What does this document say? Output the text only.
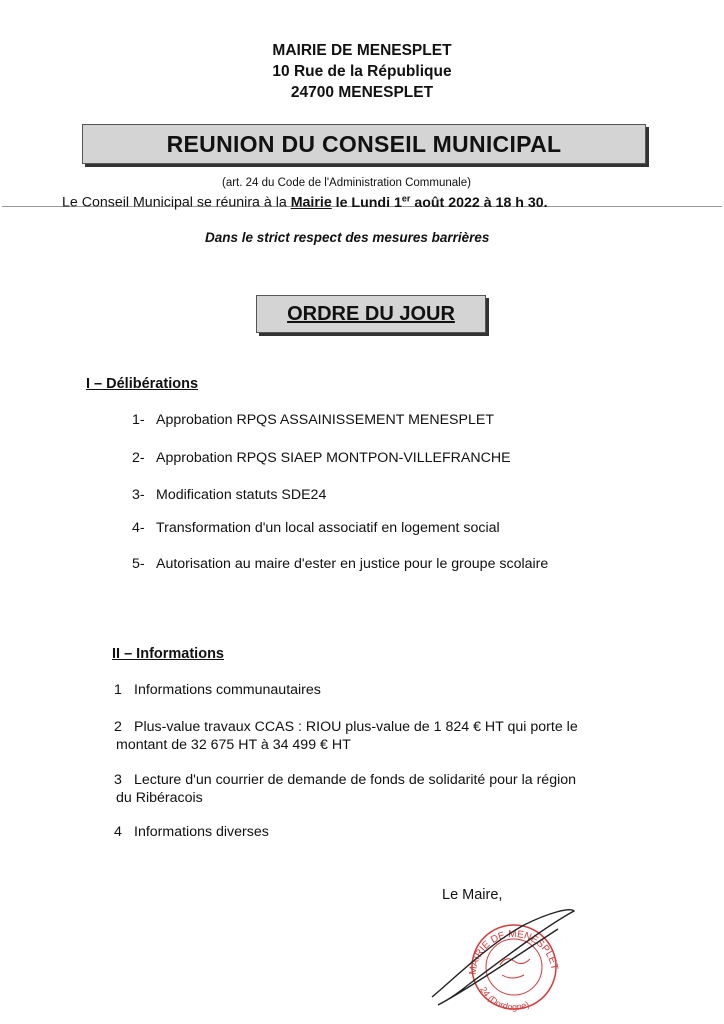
MAIRIE DE MENESPLET
10 Rue de la République
24700 MENESPLET
REUNION DU CONSEIL MUNICIPAL
(art. 24 du Code de l'Administration Communale)
Le Conseil Municipal se réunira à la Mairie le Lundi 1er août 2022 à 18 h 30.
Dans le strict respect des mesures barrières
ORDRE DU JOUR
I – Délibérations
1- Approbation RPQS ASSAINISSEMENT MENESPLET
2- Approbation RPQS SIAEP MONTPON-VILLEFRANCHE
3- Modification statuts SDE24
4- Transformation d'un local associatif en logement social
5- Autorisation au maire d'ester en justice pour le groupe scolaire
II – Informations
1 Informations communautaires
2 Plus-value travaux CCAS : RIOU plus-value de 1 824 € HT qui porte le
montant de 32 675 HT à 34 499 € HT
3 Lecture d'un courrier de demande de fonds de solidarité pour la région
du Ribéracois
4 Informations diverses
Le Maire,
MAIRIE DE MENESPLET
24 (Dordogne)
